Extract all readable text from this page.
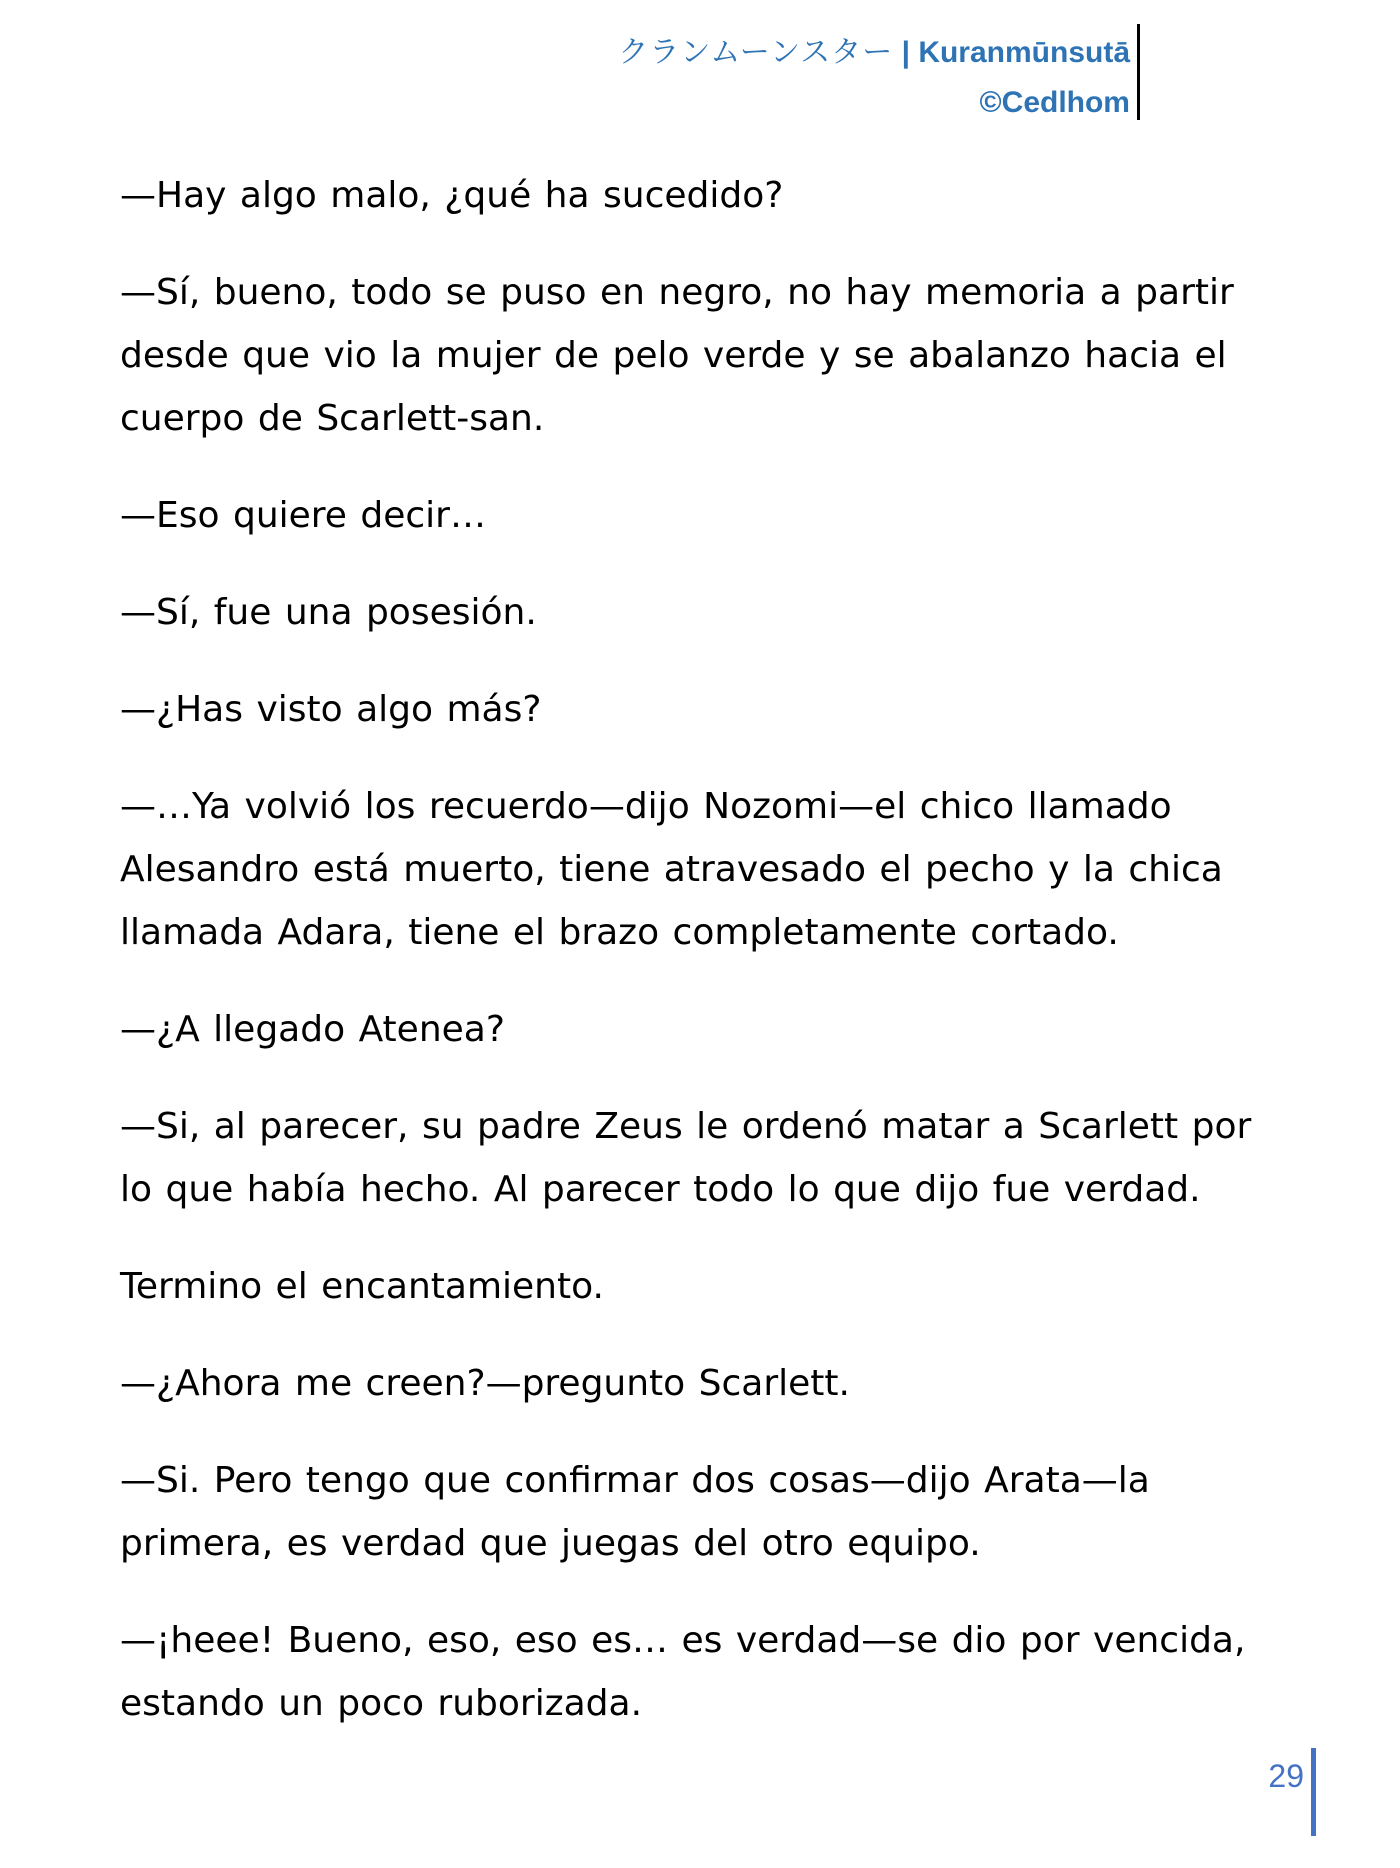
クランムーンスター | Kuranmūnsutā
©Cedlhom

—Hay algo malo, ¿qué ha sucedido?

—Sí, bueno, todo se puso en negro, no hay memoria a partir desde que vio la mujer de pelo verde y se abalanzo hacia el cuerpo de Scarlett-san.

—Eso quiere decir…

—Sí, fue una posesión.

—¿Has visto algo más?

—…Ya volvió los recuerdo—dijo Nozomi—el chico llamado Alesandro está muerto, tiene atravesado el pecho y la chica llamada Adara, tiene el brazo completamente cortado.

—¿A llegado Atenea?

—Si, al parecer, su padre Zeus le ordenó matar a Scarlett por lo que había hecho. Al parecer todo lo que dijo fue verdad.

Termino el encantamiento.

—¿Ahora me creen?—pregunto Scarlett.

—Si. Pero tengo que confirmar dos cosas—dijo Arata—la primera, es verdad que juegas del otro equipo.

—¡heee! Bueno, eso, eso es… es verdad—se dio por vencida, estando un poco ruborizada.

29
